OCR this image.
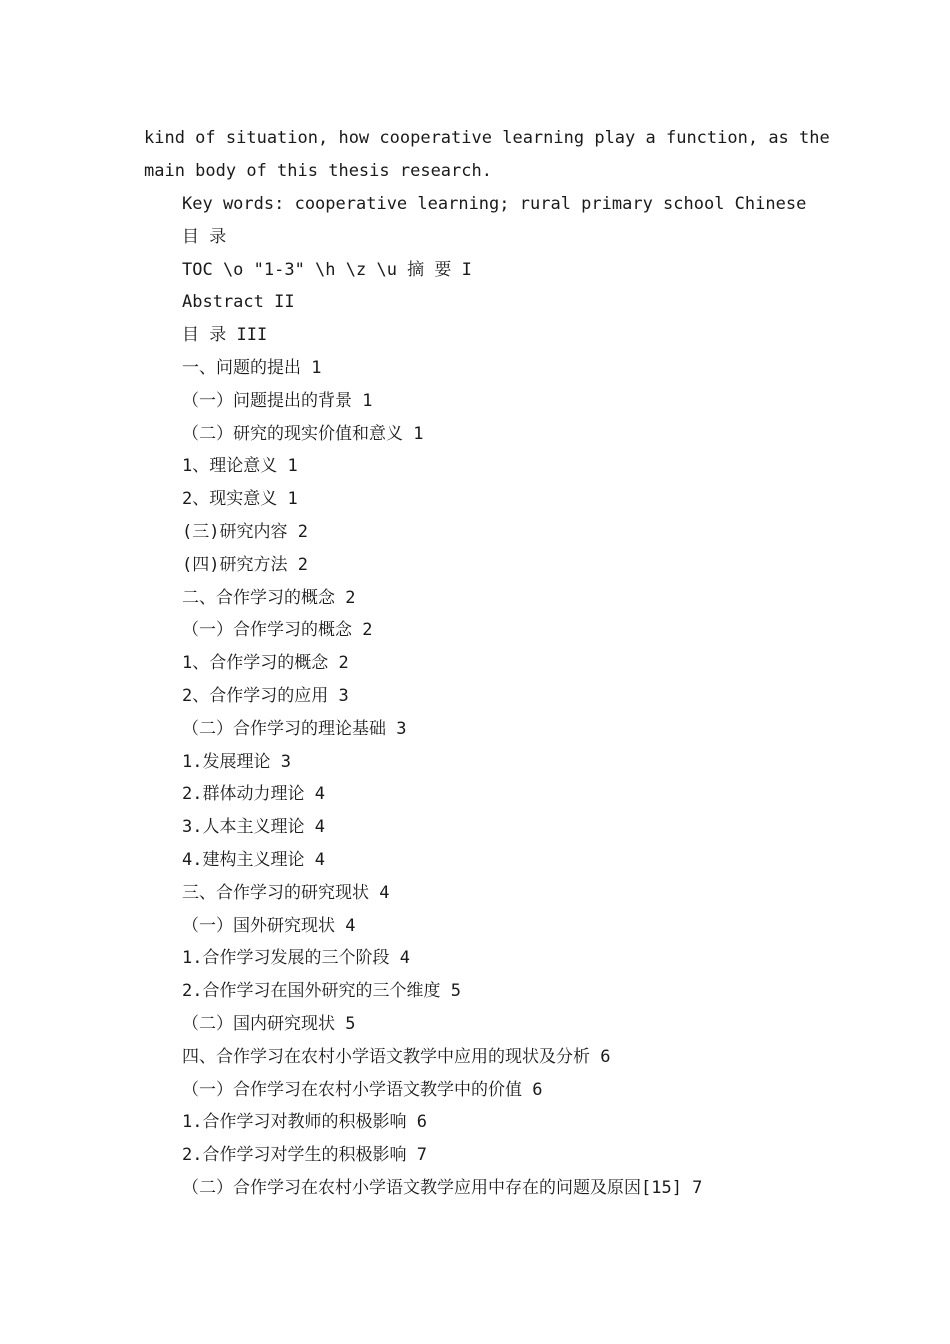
kind of situation, how cooperative learning play a function, as the
main body of this thesis research.
Key words: cooperative learning; rural primary school Chinese
目 录
TOC \o "1-3" \h \z \u 摘 要 I
Abstract II
目 录 III
一、问题的提出 1
（一）问题提出的背景 1
（二）研究的现实价值和意义 1
1、理论意义 1
2、现实意义 1
(三)研究内容 2
(四)研究方法 2
二、合作学习的概念 2
（一）合作学习的概念 2
1、合作学习的概念 2
2、合作学习的应用 3
（二）合作学习的理论基础 3
1.发展理论 3
2.群体动力理论 4
3.人本主义理论 4
4.建构主义理论 4
三、合作学习的研究现状 4
（一）国外研究现状 4
1.合作学习发展的三个阶段 4
2.合作学习在国外研究的三个维度 5
（二）国内研究现状 5
四、合作学习在农村小学语文教学中应用的现状及分析 6
（一）合作学习在农村小学语文教学中的价值 6
1.合作学习对教师的积极影响 6
2.合作学习对学生的积极影响 7
（二）合作学习在农村小学语文教学应用中存在的问题及原因[15] 7
